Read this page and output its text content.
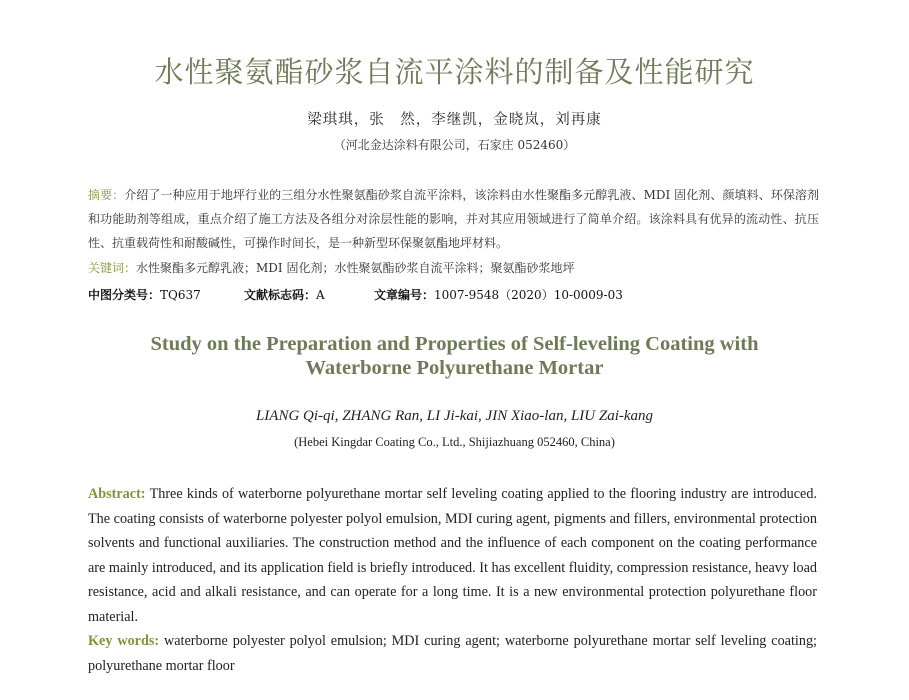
水性聚氨酯砂浆自流平涂料的制备及性能研究
梁琪琪，张　然，李继凯，金晓岚，刘再康
（河北金达涂料有限公司，石家庄 052460）
摘要：介绍了一种应用于地坪行业的三组分水性聚氨酯砂浆自流平涂料，该涂料由水性聚酯多元醇乳液、MDI 固化剂、颜填料、环保溶剂和功能助剂等组成，重点介绍了施工方法及各组分对涂层性能的影响，并对其应用领域进行了简单介绍。该涂料具有优异的流动性、抗压性、抗重载荷性和耐酸碱性，可操作时间长，是一种新型环保聚氨酯地坪材料。
关键词：水性聚酯多元醇乳液；MDI 固化剂；水性聚氨酯砂浆自流平涂料；聚氨酯砂浆地坪
中图分类号：TQ637	文献标志码：A	文章编号：1007-9548（2020）10-0009-03
Study on the Preparation and Properties of Self-leveling Coating with
Waterborne Polyurethane Mortar
LIANG Qi-qi, ZHANG Ran, LI Ji-kai, JIN Xiao-lan, LIU Zai-kang
(Hebei Kingdar Coating Co., Ltd., Shijiazhuang 052460, China)
Abstract: Three kinds of waterborne polyurethane mortar self leveling coating applied to the flooring industry are introduced. The coating consists of waterborne polyester polyol emulsion, MDI curing agent, pigments and fillers, environmental protection solvents and functional auxiliaries. The construction method and the influence of each component on the coating performance are mainly introduced, and its application field is briefly introduced. It has excellent fluidity, compression resistance, heavy load resistance, acid and alkali resistance, and can operate for a long time. It is a new environmental protection polyurethane floor material.
Key words: waterborne polyester polyol emulsion; MDI curing agent; waterborne polyurethane mortar self leveling coating; polyurethane mortar floor
